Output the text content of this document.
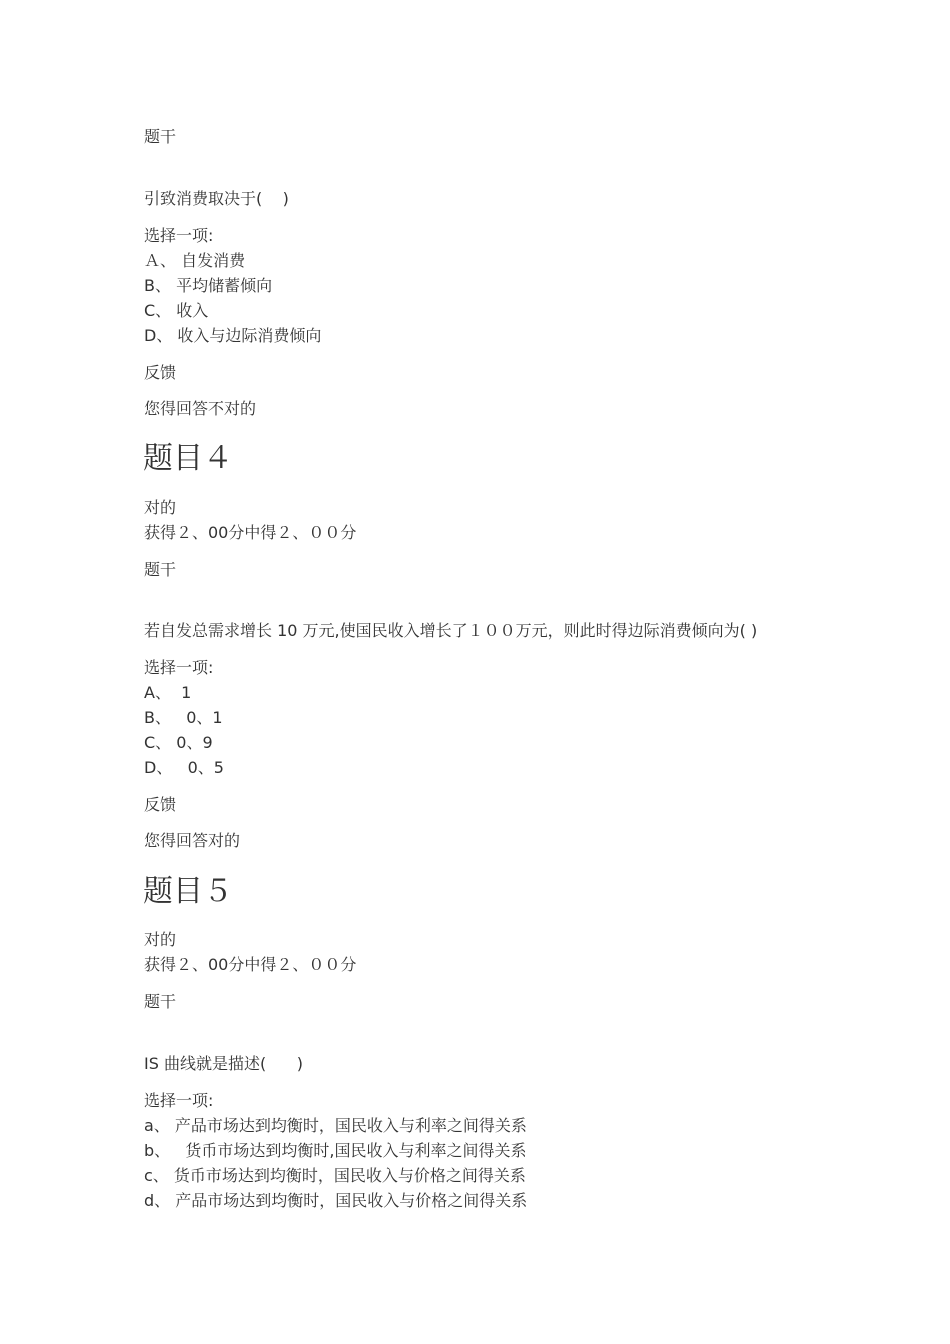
题干

引致消费取决于(    )

选择一项:

Ａ、 自发消费

B、 平均储蓄倾向

C、 收入

D、 收入与边际消费倾向

反馈

您得回答不对的

题目４

对的

获得２、00分中得２、００分

题干

若自发总需求增长 10 万元,使国民收入增长了１００万元，则此时得边际消费倾向为( )

选择一项:

A、  1

B、   0、1

C、 0、9

D、   0、5

反馈

您得回答对的

题目５

对的

获得２、00分中得２、００分

题干

IS 曲线就是描述(      )

选择一项:

a、 产品市场达到均衡时，国民收入与利率之间得关系

b、   货币市场达到均衡时,国民收入与利率之间得关系

c、 货币市场达到均衡时，国民收入与价格之间得关系

d、 产品市场达到均衡时，国民收入与价格之间得关系
